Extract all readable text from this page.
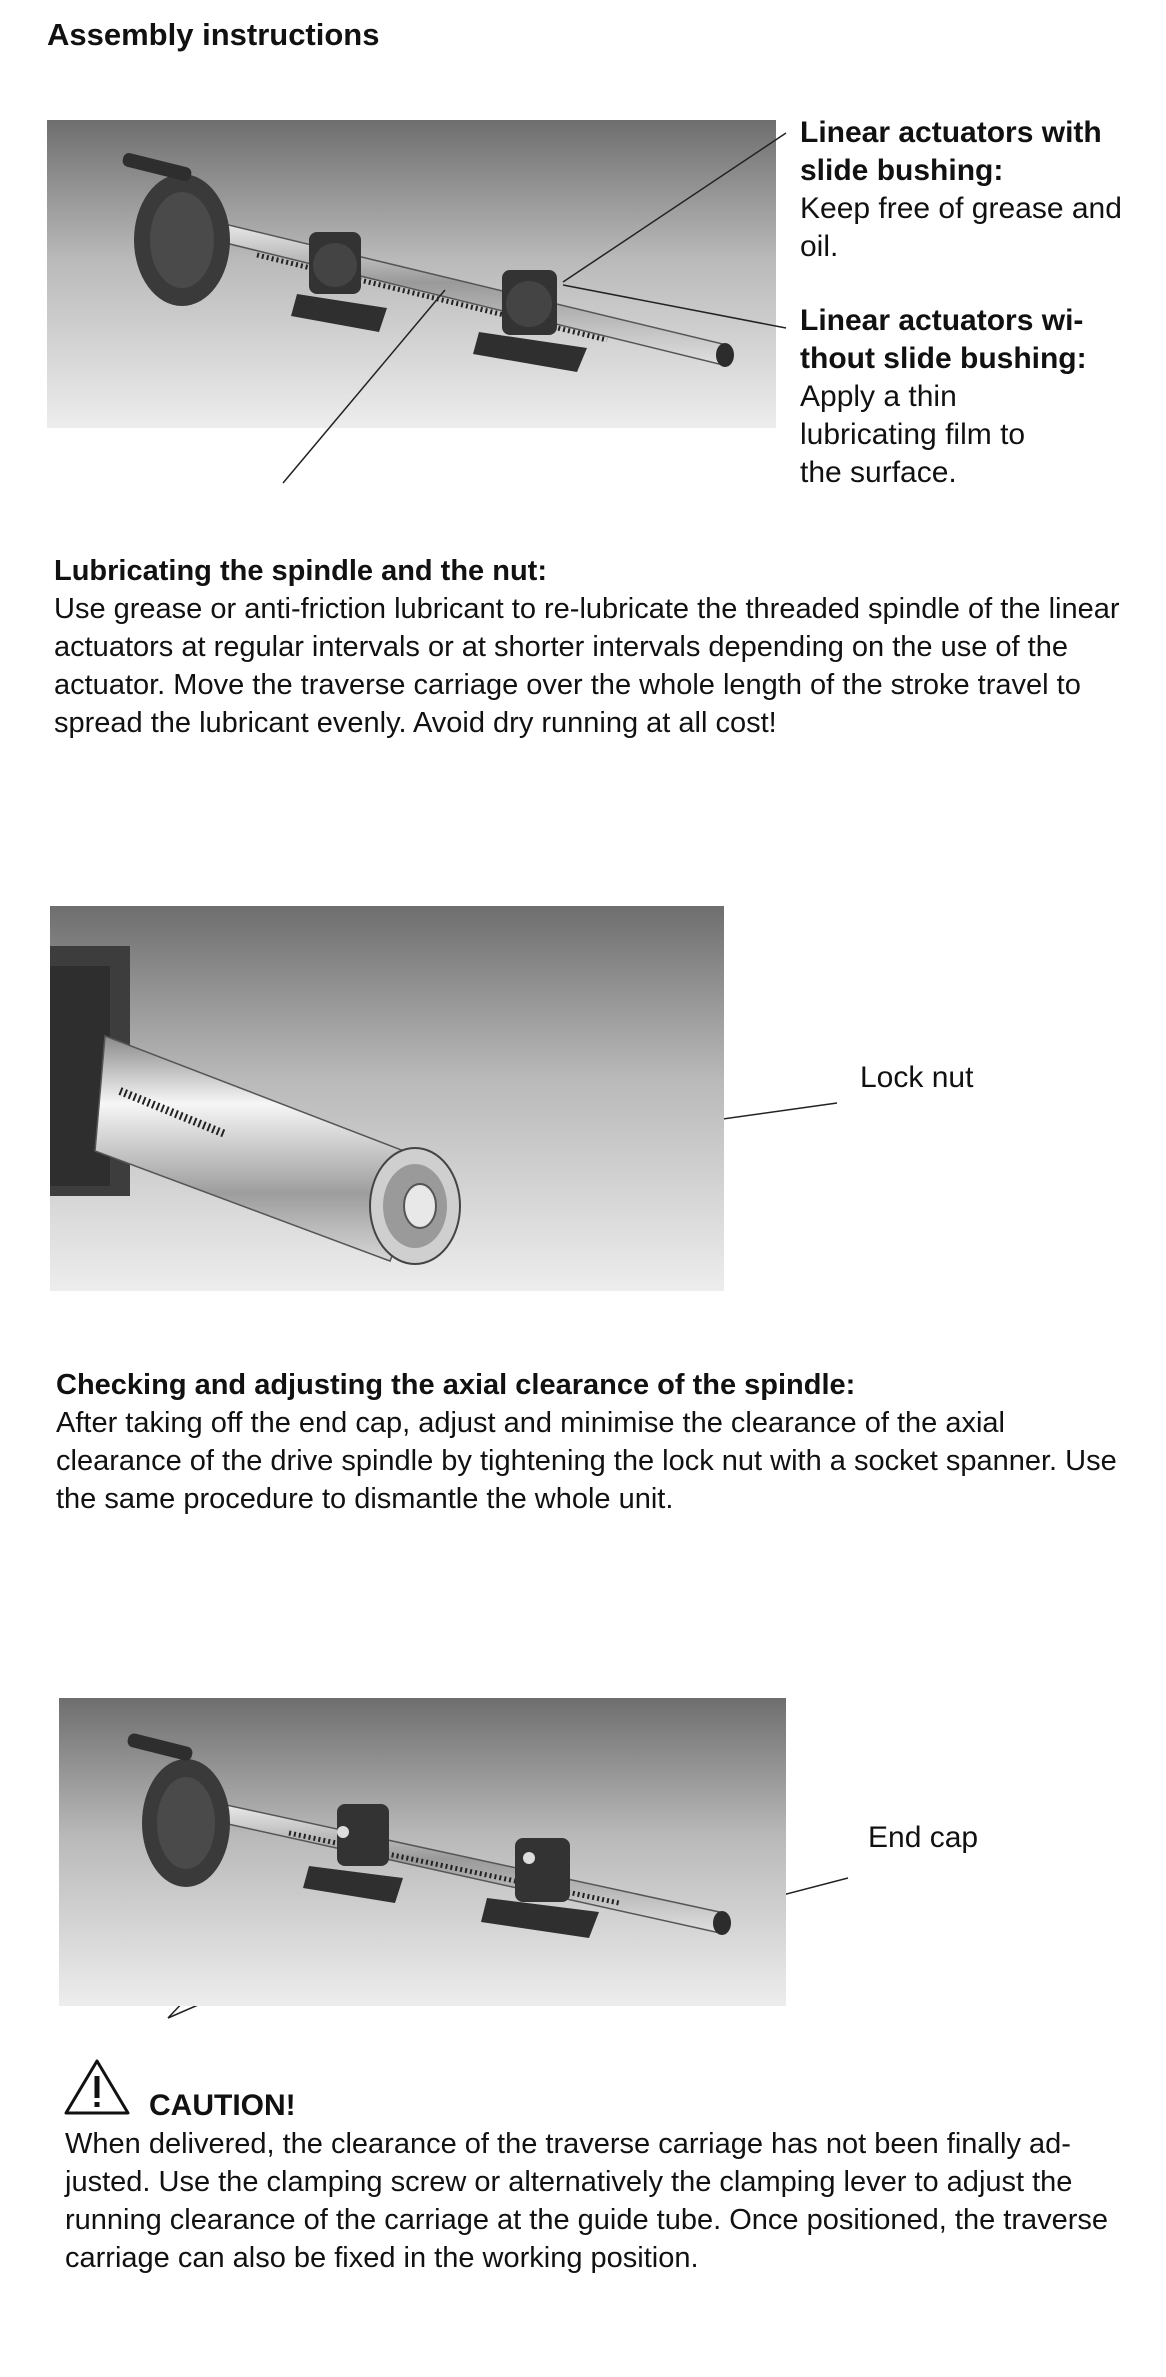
Assembly instructions
Linear actuators with slide bushing:
Keep free of grease and oil.
Linear actuators wi-thout slide bushing:
Apply a thin lubricating film to the surface.
Lubricating the spindle and the nut:
Use grease or anti-friction lubricant to re-lubricate the threaded spindle of the linear actuators at regular intervals or at shorter intervals depending on the use of the actuator. Move the traverse carriage over the whole length of the stroke travel to spread the lubricant evenly. Avoid dry running at all cost!
Lock nut
Checking and adjusting the axial clearance of the spindle:
After taking off the end cap, adjust and minimise the clearance of the axial clearance of the drive spindle by tightening the lock nut with a socket spanner. Use the same procedure to dismantle the whole unit.
End cap
CAUTION!
When delivered, the clearance of the traverse carriage has not been finally ad-justed. Use the clamping screw or alternatively the clamping lever to adjust the running clearance of the carriage at the guide tube. Once positioned, the traverse carriage can also be fixed in the working position.
